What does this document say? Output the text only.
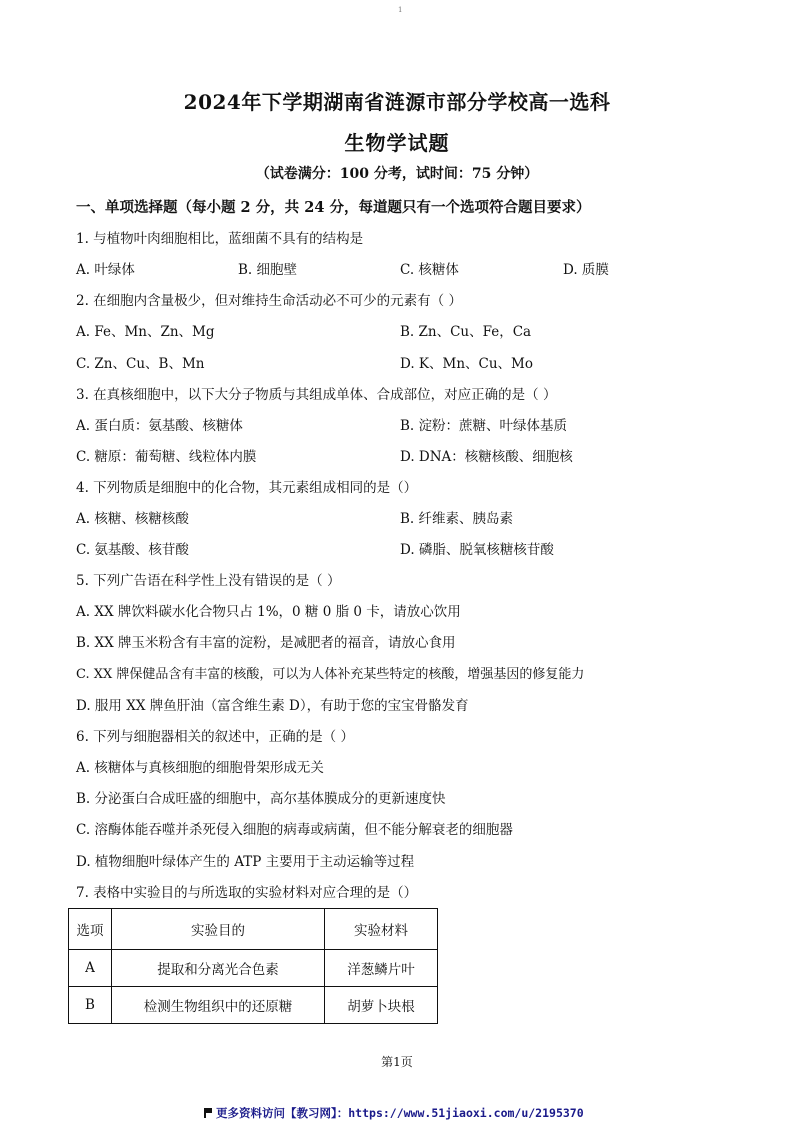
1
2024年下学期湖南省涟源市部分学校高一选科
生物学试题
（试卷满分：100 分考，试时间：75 分钟）
一、单项选择题（每小题 2 分，共 24 分，每道题只有一个选项符合题目要求）
1. 与植物叶肉细胞相比，蓝细菌不具有的结构是
A. 叶绿体	B. 细胞壁	C. 核糖体	D. 质膜
2. 在细胞内含量极少，但对维持生命活动必不可少的元素有（ ）
A. Fe、Mn、Zn、Mg	B. Zn、Cu、Fe，Ca
C. Zn、Cu、B、Mn	D. K、Mn、Cu、Mo
3. 在真核细胞中，以下大分子物质与其组成单体、合成部位，对应正确的是（ ）
A. 蛋白质：氨基酸、核糖体	B. 淀粉：蔗糖、叶绿体基质
C. 糖原：葡萄糖、线粒体内膜	D. DNA：核糖核酸、细胞核
4. 下列物质是细胞中的化合物，其元素组成相同的是（）
A. 核糖、核糖核酸	B. 纤维素、胰岛素
C. 氨基酸、核苷酸	D. 磷脂、脱氧核糖核苷酸
5. 下列广告语在科学性上没有错误的是（ ）
A. XX 牌饮料碳水化合物只占 1%，0 糖 0 脂 0 卡，请放心饮用
B. XX 牌玉米粉含有丰富的淀粉，是减肥者的福音，请放心食用
C. XX 牌保健品含有丰富的核酸，可以为人体补充某些特定的核酸，增强基因的修复能力
D. 服用 XX 牌鱼肝油（富含维生素 D），有助于您的宝宝骨骼发育
6. 下列与细胞器相关的叙述中，正确的是（ ）
A. 核糖体与真核细胞的细胞骨架形成无关
B. 分泌蛋白合成旺盛的细胞中，高尔基体膜成分的更新速度快
C. 溶酶体能吞噬并杀死侵入细胞的病毒或病菌，但不能分解衰老的细胞器
D. 植物细胞叶绿体产生的 ATP 主要用于主动运输等过程
7. 表格中实验目的与所选取的实验材料对应合理的是（）
选项	实验目的	实验材料
A	提取和分离光合色素	洋葱鳞片叶
B	检测生物组织中的还原糖	胡萝卜块根
第1页
更多资料访问【教习网】：https://www.51jiaoxi.com/u/2195370
